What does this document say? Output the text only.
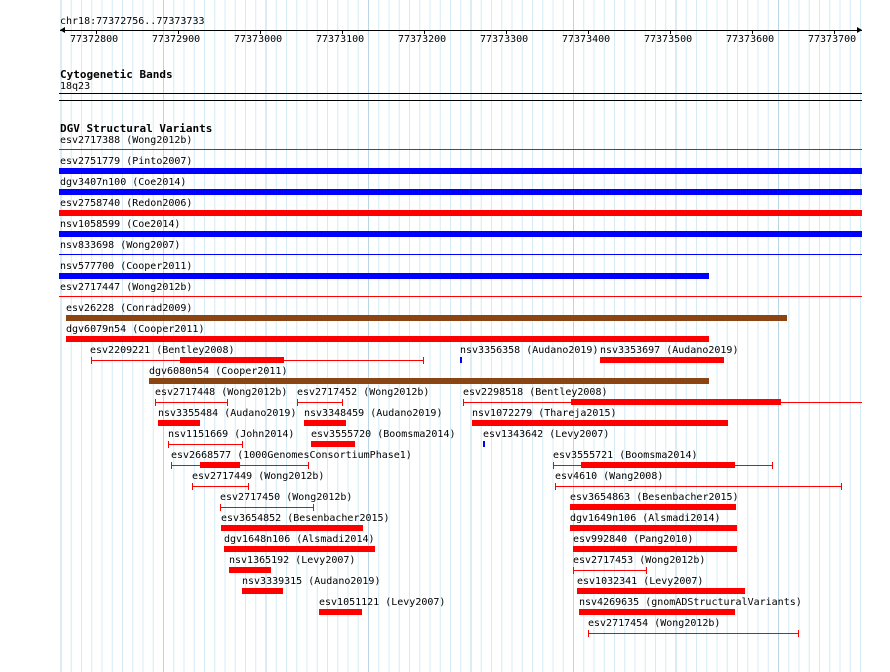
chr18:77372756..77373733
77372800	77372900	77373000	77373100	77373200	77373300	77373400	77373500	77373600	77373700
Cytogenetic Bands
18q23
DGV Structural Variants
esv2717388 (Wong2012b)
esv2751779 (Pinto2007)
dgv3407n100 (Coe2014)
esv2758740 (Redon2006)
nsv1058599 (Coe2014)
nsv833698 (Wong2007)
nsv577700 (Cooper2011)
esv2717447 (Wong2012b)
esv26228 (Conrad2009)
dgv6079n54 (Cooper2011)
esv2209221 (Bentley2008)	nsv3356358 (Audano2019) nsv3353697 (Audano2019)
dgv6080n54 (Cooper2011)
esv2717448 (Wong2012b) esv2717452 (Wong2012b)	esv2298518 (Bentley2008)
nsv3355484 (Audano2019) nsv3348459 (Audano2019)	nsv1072279 (Thareja2015)
nsv1151669 (John2014) esv3555720 (Boomsma2014)	esv1343642 (Levy2007)
esv2668577 (1000GenomesConsortiumPhase1)	esv3555721 (Boomsma2014)
esv2717449 (Wong2012b)	esv4610 (Wang2008)
esv2717450 (Wong2012b)	esv3654863 (Besenbacher2015)
esv3654852 (Besenbacher2015)	dgv1649n106 (Alsmadi2014)
dgv1648n106 (Alsmadi2014)	esv992840 (Pang2010)
nsv1365192 (Levy2007)	esv2717453 (Wong2012b)
nsv3339315 (Audano2019)	esv1032341 (Levy2007)
esv1051121 (Levy2007)	nsv4269635 (gnomADStructuralVariants)
esv2717454 (Wong2012b)
